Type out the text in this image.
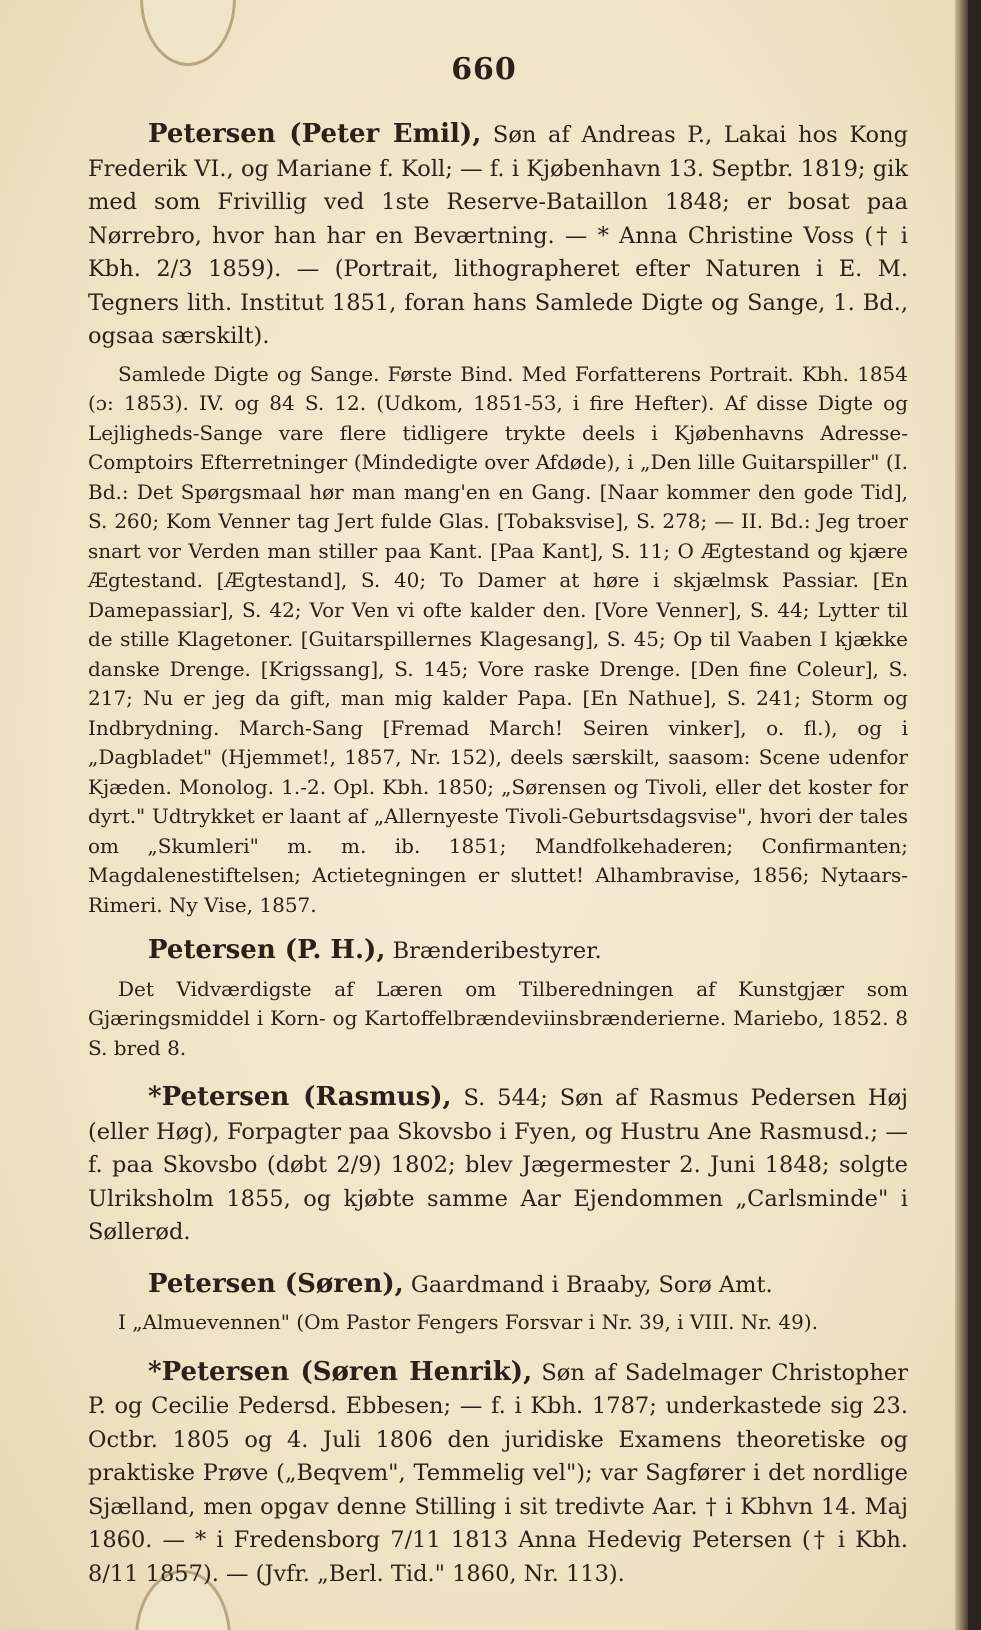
660

Petersen (Peter Emil), Søn af Andreas P., Lakai hos Kong Frederik VI., og Mariane f. Koll; — f. i Kjøbenhavn 13. Septbr. 1819; gik med som Frivillig ved 1ste Reserve-Bataillon 1848; er bosat paa Nørrebro, hvor han har en Beværtning. — * Anna Christine Voss († i Kbh. 2/3 1859). — (Portrait, lithographeret efter Naturen i E. M. Tegners lith. Institut 1851, foran hans Samlede Digte og Sange, 1. Bd., ogsaa særskilt).

Samlede Digte og Sange. Første Bind. Med Forfatterens Portrait. Kbh. 1854 (ɔ: 1853). IV. og 84 S. 12. (Udkom, 1851-53, i fire Hefter). Af disse Digte og Lejligheds-Sange vare flere tidligere trykte deels i Kjøbenhavns Adresse-Comptoirs Efterretninger (Mindedigte over Afdøde), i „Den lille Guitarspiller" (I. Bd.: Det Spørgsmaal hør man mang'en en Gang. [Naar kommer den gode Tid], S. 260; Kom Venner tag Jert fulde Glas. [Tobaksvise], S. 278; — II. Bd.: Jeg troer snart vor Verden man stiller paa Kant. [Paa Kant], S. 11; O Ægtestand og kjære Ægtestand. [Ægtestand], S. 40; To Damer at høre i skjælmsk Passiar. [En Damepassiar], S. 42; Vor Ven vi ofte kalder den. [Vore Venner], S. 44; Lytter til de stille Klagetoner. [Guitarspillernes Klagesang], S. 45; Op til Vaaben I kjække danske Drenge. [Krigssang], S. 145; Vore raske Drenge. [Den fine Coleur], S. 217; Nu er jeg da gift, man mig kalder Papa. [En Nathue], S. 241; Storm og Indbrydning. March-Sang [Fremad March! Seiren vinker], o. fl.), og i „Dagbladet" (Hjemmet!, 1857, Nr. 152), deels særskilt, saasom: Scene udenfor Kjæden. Monolog. 1.-2. Opl. Kbh. 1850; „Sørensen og Tivoli, eller det koster for dyrt." Udtrykket er laant af „Allernyeste Tivoli-Geburtsdagsvise", hvori der tales om „Skumleri" m. m. ib. 1851; Mandfolkehaderen; Confirmanten; Magdalenestiftelsen; Actietegningen er sluttet! Alhambravise, 1856; Nytaars-Rimeri. Ny Vise, 1857.

Petersen (P. H.), Brænderibestyrer.

Det Vidværdigste af Læren om Tilberedningen af Kunstgjær som Gjæringsmiddel i Korn- og Kartoffelbrændeviinsbrænderierne. Mariebo, 1852. 8 S. bred 8.

*Petersen (Rasmus), S. 544; Søn af Rasmus Pedersen Høj (eller Høg), Forpagter paa Skovsbo i Fyen, og Hustru Ane Rasmusd.; — f. paa Skovsbo (døbt 2/9) 1802; blev Jægermester 2. Juni 1848; solgte Ulriksholm 1855, og kjøbte samme Aar Ejendommen „Carlsminde" i Søllerød.

Petersen (Søren), Gaardmand i Braaby, Sorø Amt.

I „Almuevennen" (Om Pastor Fengers Forsvar i Nr. 39, i VIII. Nr. 49).

*Petersen (Søren Henrik), Søn af Sadelmager Christopher P. og Cecilie Pedersd. Ebbesen; — f. i Kbh. 1787; underkastede sig 23. Octbr. 1805 og 4. Juli 1806 den juridiske Examens theoretiske og praktiske Prøve („Beqvem", Temmelig vel"); var Sagfører i det nordlige Sjælland, men opgav denne Stilling i sit tredivte Aar. † i Kbhvn 14. Maj 1860. — * i Fredensborg 7/11 1813 Anna Hedevig Petersen († i Kbh. 8/11 1857). — (Jvfr. „Berl. Tid." 1860, Nr. 113).
